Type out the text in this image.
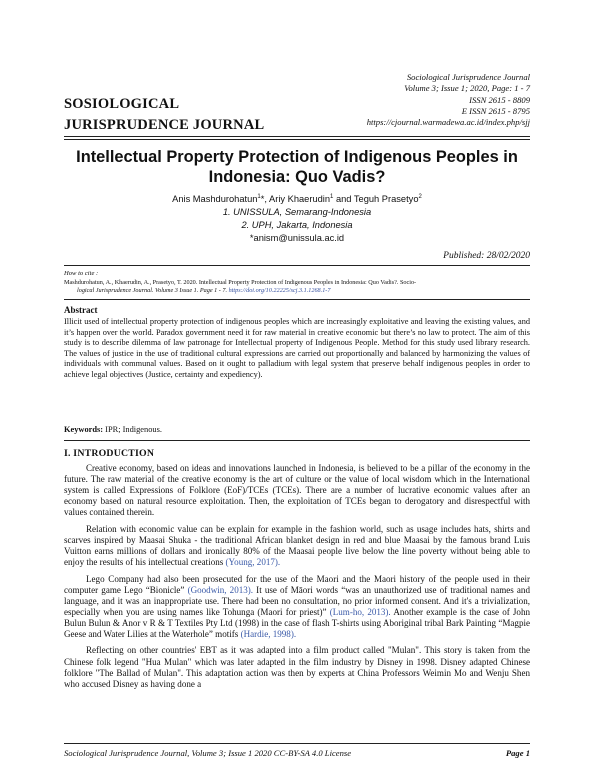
SOSIOLOGICAL
JURISPRUDENCE JOURNAL
Sociological Jurisprudence Journal
Volume 3; Issue 1; 2020, Page: 1 - 7
ISSN 2615 - 8809
E ISSN 2615 - 8795
https://cjournal.warmadewa.ac.id/index.php/sjj
Intellectual Property Protection of Indigenous Peoples in Indonesia: Quo Vadis?
Anis Mashdurohatun$^1$*, Ariy Khaerudin$^1$ and Teguh Prasetyo$^2$
1. UNISSULA, Semarang-Indonesia
2. UPH, Jakarta, Indonesia
*anism@unissula.ac.id
Published: 28/02/2020
How to cite :
Mashdurohatun, A., Khaerudin, A., Prasetyo, T. 2020. Intellectual Property Protection of Indigenous Peoples in Indonesia: Quo Vadis?. Socio-
logical Jurisprudence Journal. Volume 3 Issue 1. Page 1 - 7. https://doi.org/10.22225/scj.3.1.1268.1-7
Abstract
Illicit used of intellectual property protection of indigenous peoples which are increasingly exploitative and leaving the existing values, and it’s happen over the world. Paradox government need it for raw material in creative economic but there’s no law to protect. The aim of this study is to describe dilemma of law patronage for Intellectual property of Indigenous People. Method for this study used library research. The values of justice in the use of traditional cultural expressions are carried out proportionally and balanced by harmonizing the values of individuals with communal values. Based on it ought to palladium with legal system that preserve behalf indigenous peoples in order to achieve legal objectives (Justice, certainty and expediency).
Keywords: IPR; Indigenous.
I. INTRODUCTION

Creative economy, based on ideas and innovations launched in Indonesia, is believed to be a pillar of the economy in the future. The raw material of the creative economy is the art of culture or the value of local wisdom which in the International system is called Expressions of Folklore (EoF)/TCEs (TCEs). There are a number of lucrative economic values after an economy based on natural resource exploitation. Then, the exploitation of TCEs began to derogatory and disrespectful with values contained therein.

Relation with economic value can be explain for example in the fashion world, such as usage includes hats, shirts and scarves inspired by Maasai Shuka - the traditional African blanket design in red and blue Maasai by the famous brand Luis Vuitton earns millions of dollars and ironically 80% of the Maasai people live below the line poverty without being able to enjoy the results of his intellectual creations (Young, 2017).

Lego Company had also been prosecuted for the use of the Maori and the Maori history of the people used in their computer game Lego “Bionicle” (Goodwin, 2013). It use of Māori words “was an unauthorized use of traditional names and language, and it was an inappropriate use. There had been no consultation, no prior informed consent. And it's a trivialization, especially when you are using names like Tohunga (Maori for priest)” (Lum-ho, 2013). Another example is the case of John Bulun Bulun & Anor v R & T Textiles Pty Ltd (1998) in the case of flash T-shirts using Aboriginal tribal Bark Painting “Magpie Geese and Water Lilies at the Waterhole” motifs (Hardie, 1998).

Reflecting on other countries' EBT as it was adapted into a film product called "Mulan". This story is taken from the Chinese folk legend "Hua Mulan" which was later adapted in the film industry by Disney in 1998. Disney adapted Chinese folklore "The Ballad of Mulan". This adaptation action was then by experts at China Professors Weimin Mo and Wenju Shen who accused Disney as having done a

Sociological Jurisprudence Journal, Volume 3; Issue 1 2020 CC-BY-SA 4.0 License	Page 1
